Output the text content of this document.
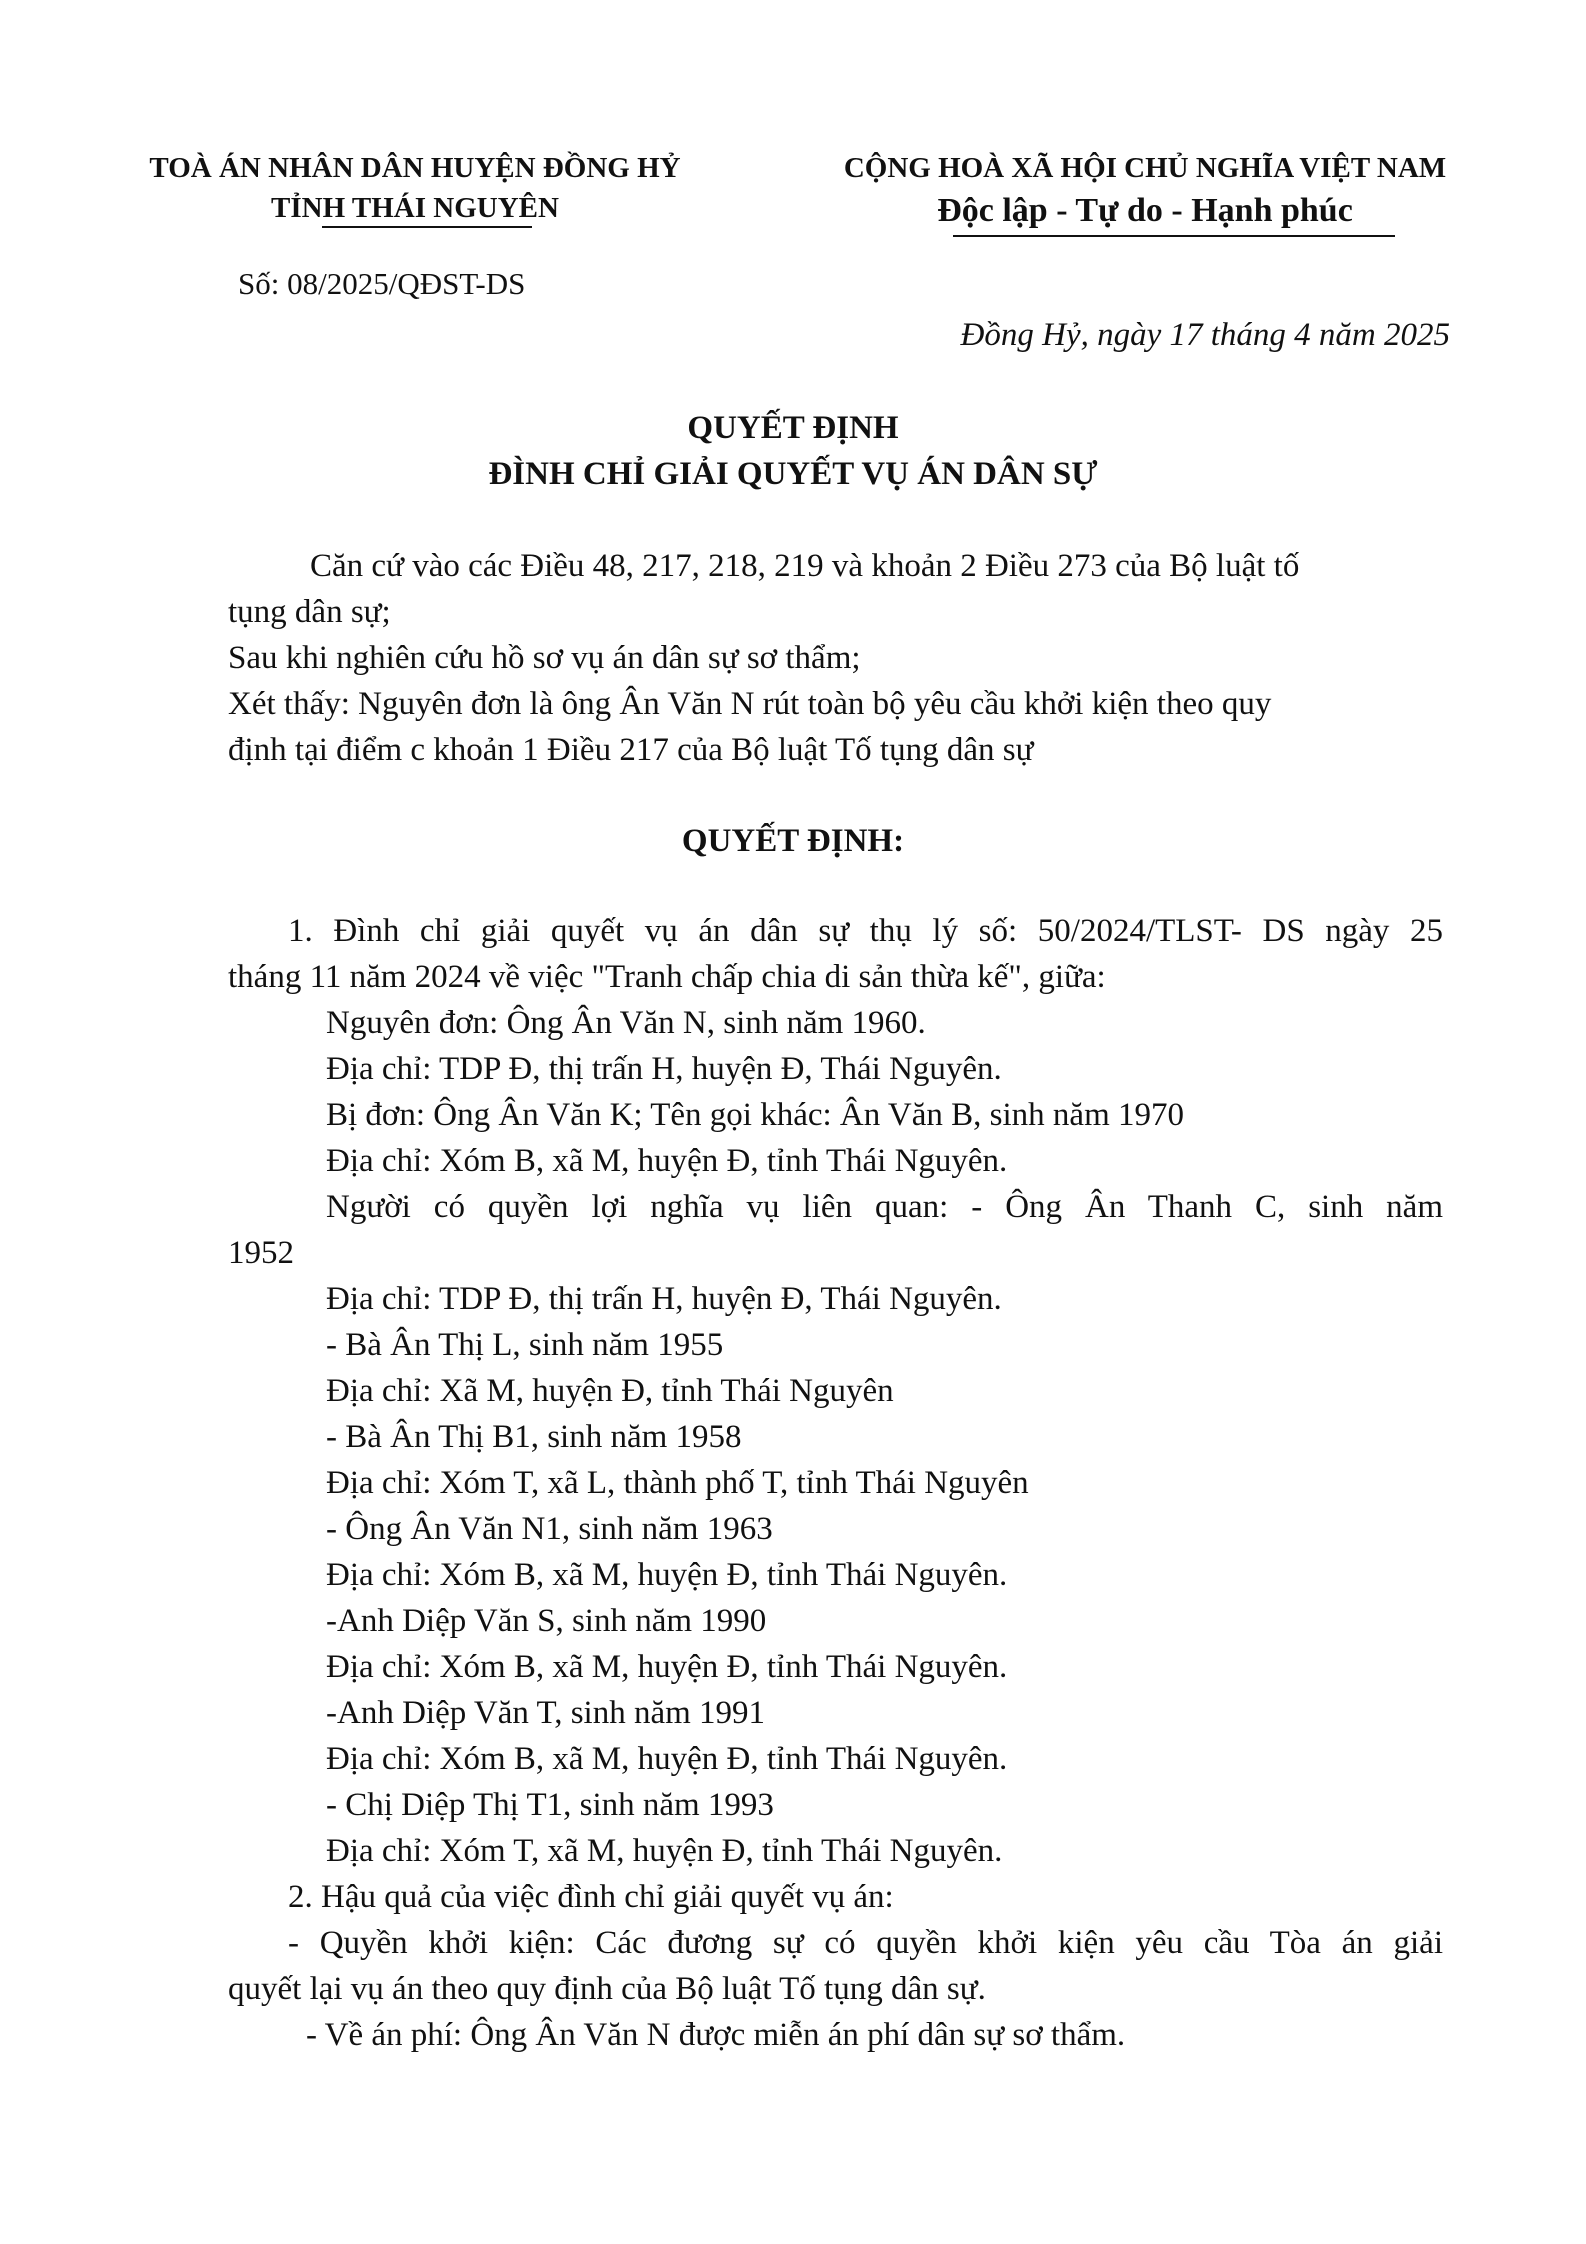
TOÀ ÁN NHÂN DÂN HUYỆN ĐỒNG HỶ
TỈNH THÁI NGUYÊN
CỘNG HOÀ XÃ HỘI CHỦ NGHĨA VIỆT NAM
Độc lập - Tự do - Hạnh phúc
Số: 08/2025/QĐST-DS
Đồng Hỷ, ngày 17 tháng 4 năm 2025
QUYẾT ĐỊNH
ĐÌNH CHỈ GIẢI QUYẾT VỤ ÁN DÂN SỰ
Căn cứ vào các Điều 48, 217, 218, 219 và khoản 2 Điều 273 của Bộ luật tố
tụng dân sự;
Sau khi nghiên cứu hồ sơ vụ án dân sự sơ thẩm;
Xét thấy: Nguyên đơn là ông Ân Văn N rút toàn bộ yêu cầu khởi kiện theo quy
định tại điểm c khoản 1 Điều 217 của Bộ luật Tố tụng dân sự
QUYẾT ĐỊNH:
1. Đình chỉ giải quyết vụ án dân sự thụ lý số: 50/2024/TLST- DS ngày 25
tháng 11 năm 2024 về việc "Tranh chấp chia di sản thừa kế", giữa:
Nguyên đơn: Ông Ân Văn N, sinh năm 1960.
Địa chỉ: TDP Đ, thị trấn H, huyện Đ, Thái Nguyên.
Bị đơn: Ông Ân Văn K; Tên gọi khác: Ân Văn B, sinh năm 1970
Địa chỉ: Xóm B, xã M, huyện Đ, tỉnh Thái Nguyên.
Người có quyền lợi nghĩa vụ liên quan: - Ông Ân Thanh C, sinh năm
1952
Địa chỉ: TDP Đ, thị trấn H, huyện Đ, Thái Nguyên.
- Bà Ân Thị L, sinh năm 1955
Địa chỉ: Xã M, huyện Đ, tỉnh Thái Nguyên
- Bà Ân Thị B1, sinh năm 1958
Địa chỉ: Xóm T, xã L, thành phố T, tỉnh Thái Nguyên
- Ông Ân Văn N1, sinh năm 1963
Địa chỉ: Xóm B, xã M, huyện Đ, tỉnh Thái Nguyên.
-Anh Diệp Văn S, sinh năm 1990
Địa chỉ: Xóm B, xã M, huyện Đ, tỉnh Thái Nguyên.
-Anh Diệp Văn T, sinh năm 1991
Địa chỉ: Xóm B, xã M, huyện Đ, tỉnh Thái Nguyên.
- Chị Diệp Thị T1, sinh năm 1993
Địa chỉ: Xóm T, xã M, huyện Đ, tỉnh Thái Nguyên.
2. Hậu quả của việc đình chỉ giải quyết vụ án:
- Quyền khởi kiện: Các đương sự có quyền khởi kiện yêu cầu Tòa án giải
quyết lại vụ án theo quy định của Bộ luật Tố tụng dân sự.
- Về án phí: Ông Ân Văn N được miễn án phí dân sự sơ thẩm.
